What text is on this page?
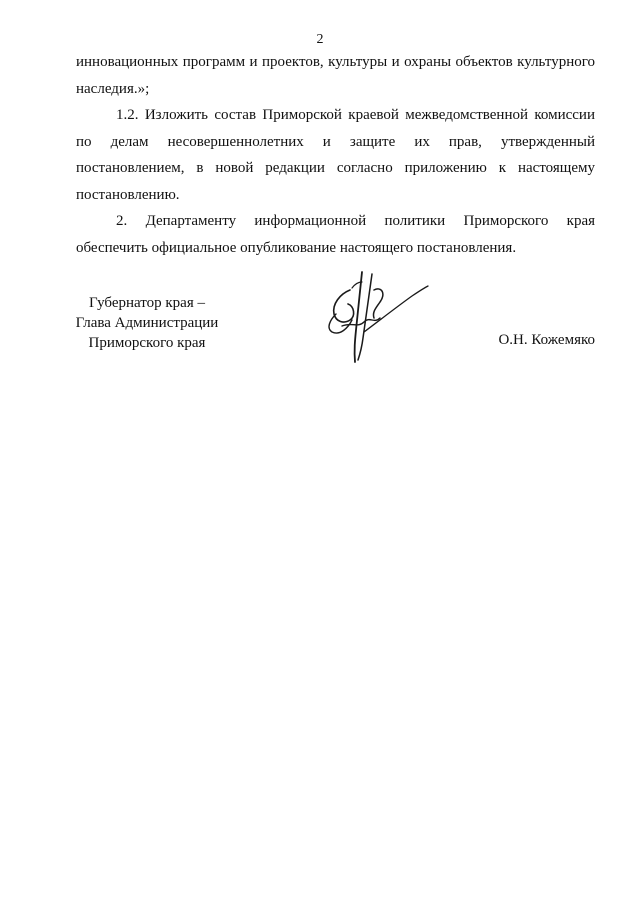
2

инновационных программ и проектов, культуры и охраны объектов культурного наследия.»;

1.2. Изложить состав Приморской краевой межведомственной комиссии по делам несовершеннолетних и защите их прав, утвержденный постановлением, в новой редакции согласно приложению к настоящему постановлению.

2. Департаменту информационной политики Приморского края обеспечить официальное опубликование настоящего постановления.

Губернатор края –
Глава Администрации
Приморского края	О.Н. Кожемяко
